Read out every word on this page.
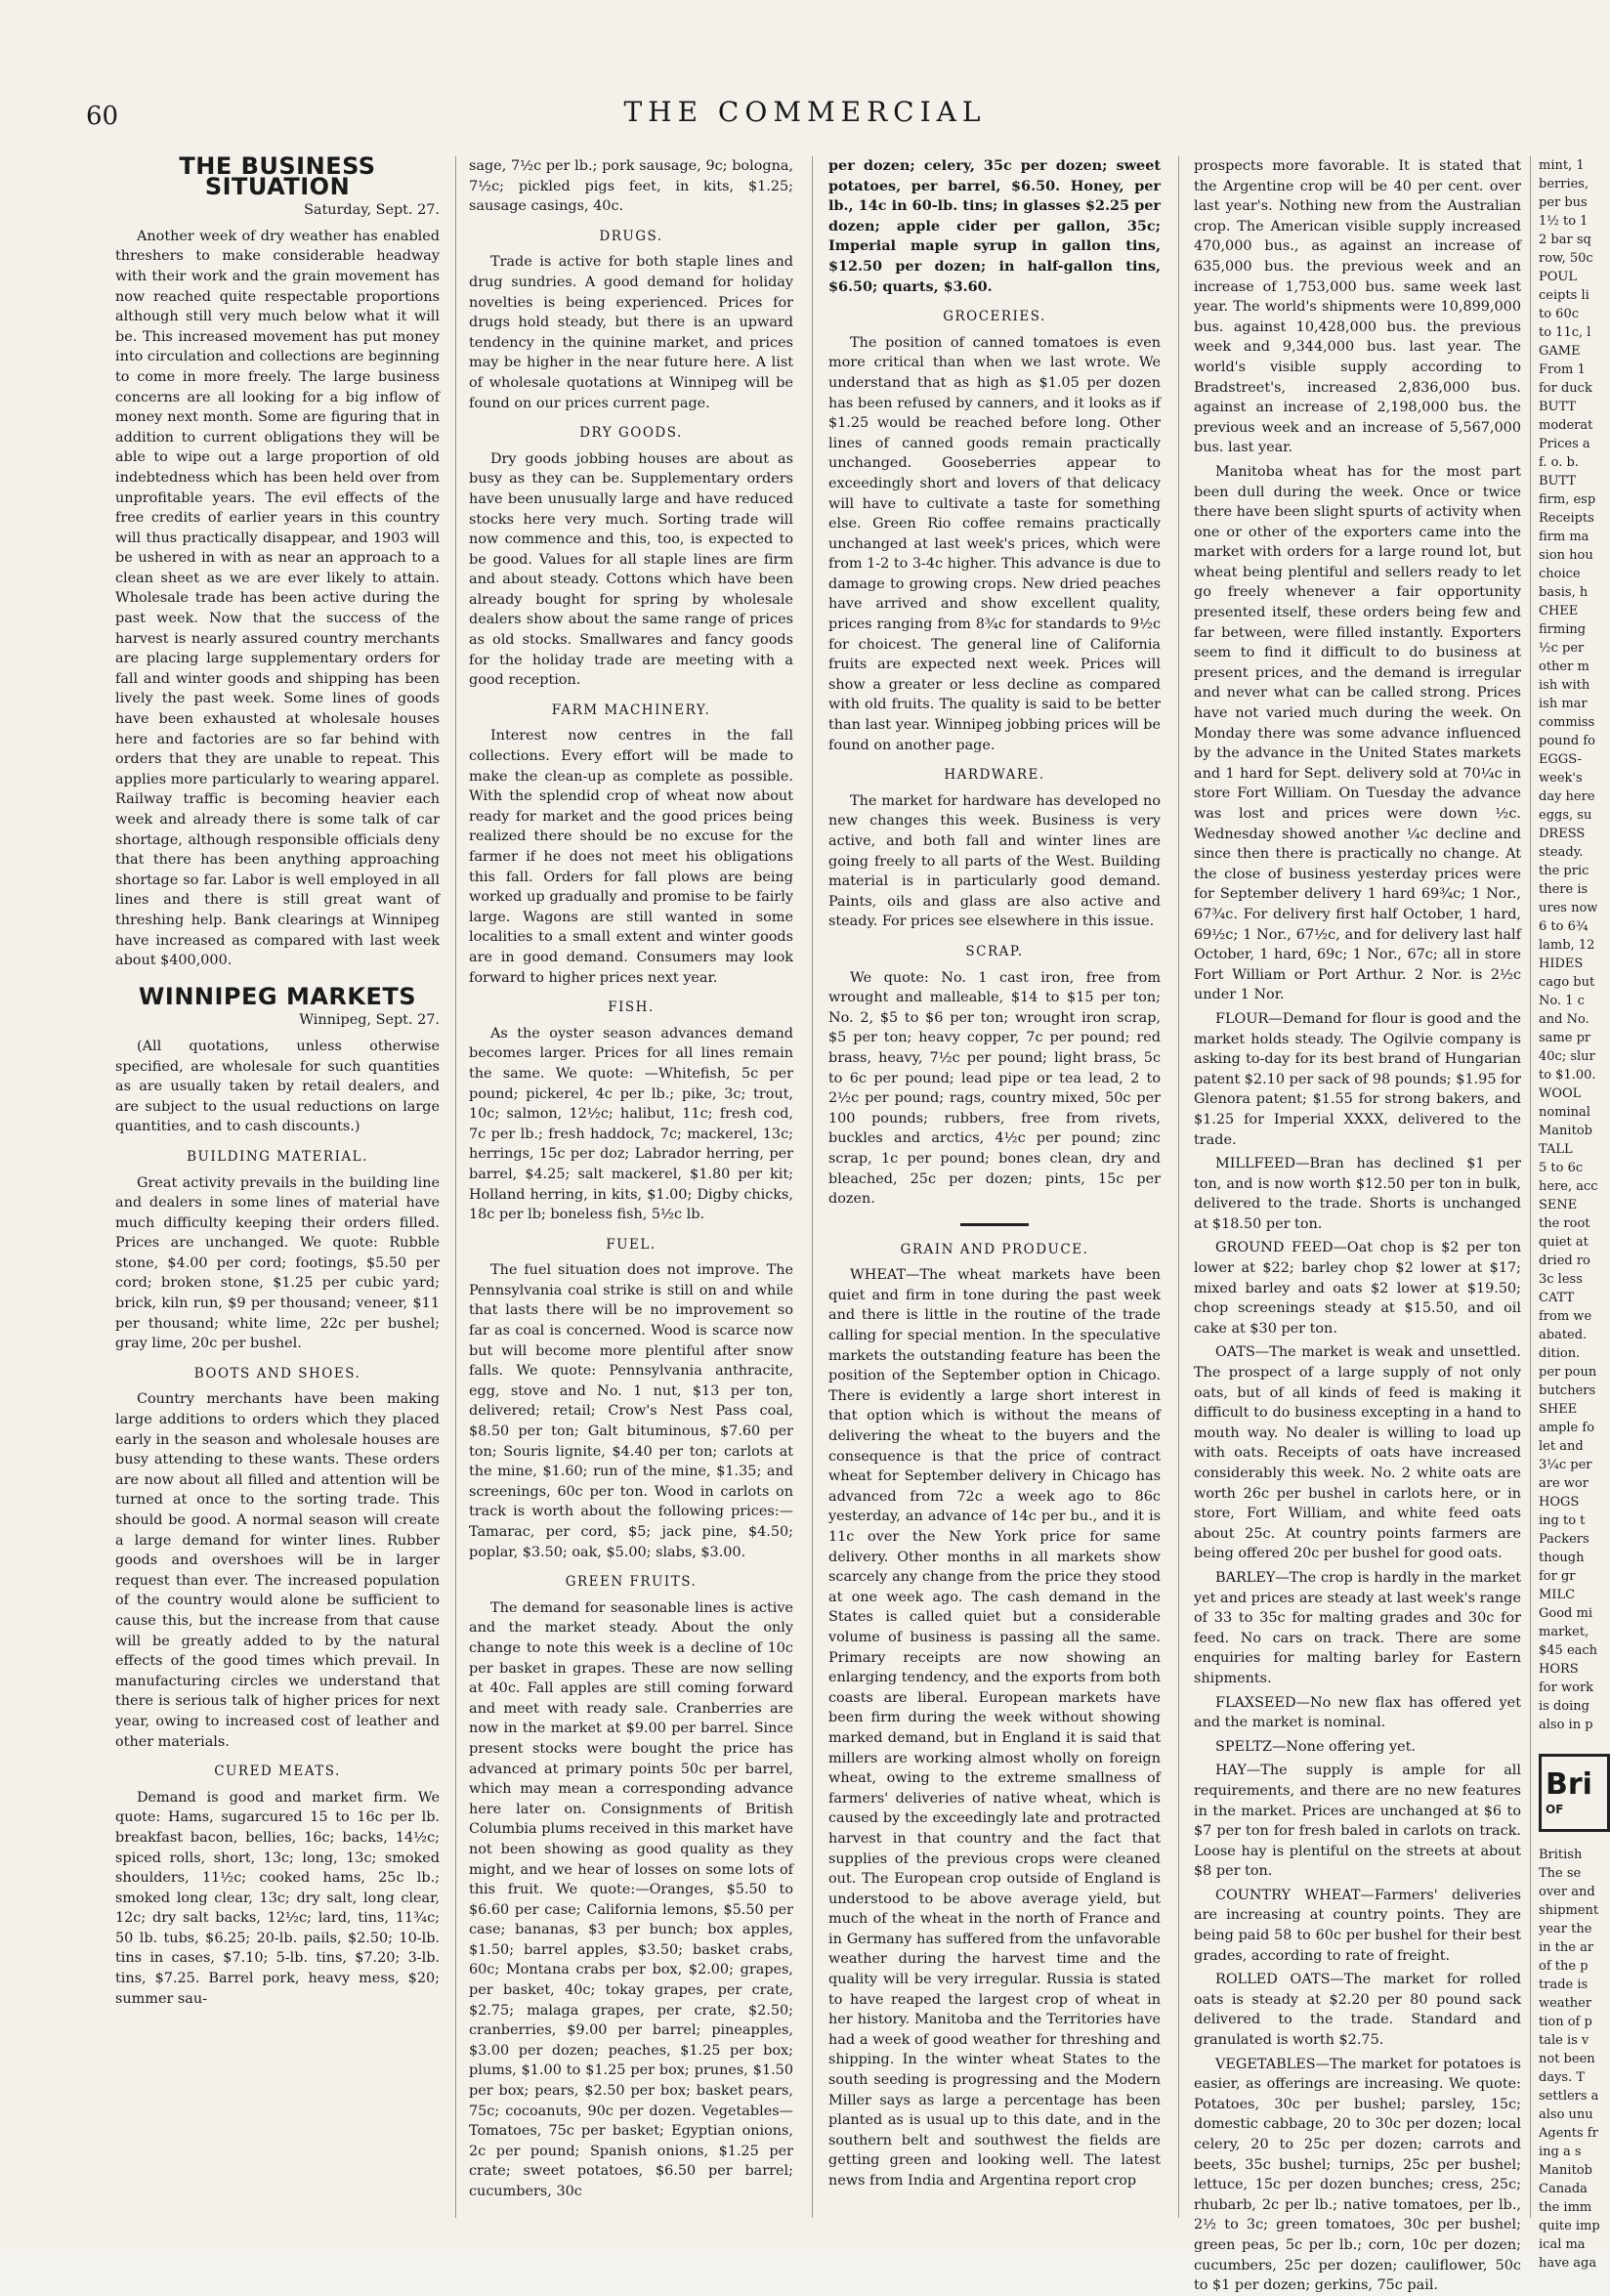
60	THE COMMERCIAL
THE BUSINESS SITUATION
Saturday, Sept. 27.

Another week of dry weather has enabled threshers to make considerable headway with their work and the grain movement has now reached quite respectable proportions although still very much below what it will be. This increased movement has put money into circulation and collections are beginning to come in more freely. The large business concerns are all looking for a big inflow of money next month. Some are figuring that in addition to current obligations they will be able to wipe out a large proportion of old indebtedness which has been held over from unprofitable years. The evil effects of the free credits of earlier years in this country will thus practically disappear, and 1903 will be ushered in with as near an approach to a clean sheet as we are ever likely to attain. Wholesale trade has been active during the past week. Now that the success of the harvest is nearly assured country merchants are placing large supplementary orders for fall and winter goods and shipping has been lively the past week. Some lines of goods have been exhausted at wholesale houses here and factories are so far behind with orders that they are unable to repeat. This applies more particularly to wearing apparel. Railway traffic is becoming heavier each week and already there is some talk of car shortage, although responsible officials deny that there has been anything approaching shortage so far. Labor is well employed in all lines and there is still great want of threshing help. Bank clearings at Winnipeg have increased as compared with last week about $400,000.

WINNIPEG MARKETS
Winnipeg, Sept. 27.

(All quotations, unless otherwise specified, are wholesale for such quantities as are usually taken by retail dealers, and are subject to the usual reductions on large quantities, and to cash discounts.)

BUILDING MATERIAL.

Great activity prevails in the building line and dealers in some lines of material have much difficulty keeping their orders filled. Prices are unchanged. We quote: Rubble stone, $4.00 per cord; footings, $5.50 per cord; broken stone, $1.25 per cubic yard; brick, kiln run, $9 per thousand; veneer, $11 per thousand; white lime, 22c per bushel; gray lime, 20c per bushel.

BOOTS AND SHOES.

Country merchants have been making large additions to orders which they placed early in the season and wholesale houses are busy attending to these wants. These orders are now about all filled and attention will be turned at once to the sorting trade. This should be good. A normal season will create a large demand for winter lines. Rubber goods and overshoes will be in larger request than ever. The increased population of the country would alone be sufficient to cause this, but the increase from that cause will be greatly added to by the natural effects of the good times which prevail. In manufacturing circles we understand that there is serious talk of higher prices for next year, owing to increased cost of leather and other materials.

CURED MEATS.

Demand is good and market firm. We quote: Hams, sugarcured 15 to 16c per lb. breakfast bacon, bellies, 16c; backs, 14½c; spiced rolls, short, 13c; long, 13c; smoked shoulders, 11½c; cooked hams, 25c lb.; smoked long clear, 13c; dry salt, long clear, 12c; dry salt backs, 12½c; lard, tins, 11¾c; 50 lb. tubs, $6.25; 20-lb. pails, $2.50; 10-lb. tins in cases, $7.10; 5-lb. tins, $7.20; 3-lb. tins, $7.25. Barrel pork, heavy mess, $20; summer sau-

sage, 7½c per lb.; pork sausage, 9c; bologna, 7½c; pickled pigs feet, in kits, $1.25; sausage casings, 40c.

DRUGS.

Trade is active for both staple lines and drug sundries. A good demand for holiday novelties is being experienced. Prices for drugs hold steady, but there is an upward tendency in the quinine market, and prices may be higher in the near future here. A list of wholesale quotations at Winnipeg will be found on our prices current page.

DRY GOODS.

Dry goods jobbing houses are about as busy as they can be. Supplementary orders have been unusually large and have reduced stocks here very much. Sorting trade will now commence and this, too, is expected to be good. Values for all staple lines are firm and about steady. Cottons which have been already bought for spring by wholesale dealers show about the same range of prices as old stocks. Smallwares and fancy goods for the holiday trade are meeting with a good reception.

FARM MACHINERY.

Interest now centres in the fall collections. Every effort will be made to make the clean-up as complete as possible. With the splendid crop of wheat now about ready for market and the good prices being realized there should be no excuse for the farmer if he does not meet his obligations this fall. Orders for fall plows are being worked up gradually and promise to be fairly large. Wagons are still wanted in some localities to a small extent and winter goods are in good demand. Consumers may look forward to higher prices next year.

FISH.

As the oyster season advances demand becomes larger. Prices for all lines remain the same. We quote: —Whitefish, 5c per pound; pickerel, 4c per lb.; pike, 3c; trout, 10c; salmon, 12½c; halibut, 11c; fresh cod, 7c per lb.; fresh haddock, 7c; mackerel, 13c; herrings, 15c per doz; Labrador herring, per barrel, $4.25; salt mackerel, $1.80 per kit; Holland herring, in kits, $1.00; Digby chicks, 18c per lb; boneless fish, 5½c lb.

FUEL.

The fuel situation does not improve. The Pennsylvania coal strike is still on and while that lasts there will be no improvement so far as coal is concerned. Wood is scarce now but will become more plentiful after snow falls. We quote: Pennsylvania anthracite, egg, stove and No. 1 nut, $13 per ton, delivered; retail; Crow's Nest Pass coal, $8.50 per ton; Galt bituminous, $7.60 per ton; Souris lignite, $4.40 per ton; carlots at the mine, $1.60; run of the mine, $1.35; and screenings, 60c per ton. Wood in carlots on track is worth about the following prices:—Tamarac, per cord, $5; jack pine, $4.50; poplar, $3.50; oak, $5.00; slabs, $3.00.

GREEN FRUITS.

The demand for seasonable lines is active and the market steady. About the only change to note this week is a decline of 10c per basket in grapes. These are now selling at 40c. Fall apples are still coming forward and meet with ready sale. Cranberries are now in the market at $9.00 per barrel. Since present stocks were bought the price has advanced at primary points 50c per barrel, which may mean a corresponding advance here later on. Consignments of British Columbia plums received in this market have not been showing as good quality as they might, and we hear of losses on some lots of this fruit. We quote:—Oranges, $5.50 to $6.60 per case; California lemons, $5.50 per case; bananas, $3 per bunch; box apples, $1.50; barrel apples, $3.50; basket crabs, 60c; Montana crabs per box, $2.00; grapes, per basket, 40c; tokay grapes, per crate, $2.75; malaga grapes, per crate, $2.50; cranberries, $9.00 per barrel; pineapples, $3.00 per dozen; peaches, $1.25 per box; plums, $1.00 to $1.25 per box; prunes, $1.50 per box; pears, $2.50 per box; basket pears, 75c; cocoanuts, 90c per dozen. Vegetables—Tomatoes, 75c per basket; Egyptian onions, 2c per pound; Spanish onions, $1.25 per crate; sweet potatoes, $6.50 per barrel; cucumbers, 30c

per dozen; celery, 35c per dozen; sweet potatoes, per barrel, $6.50. Honey, per lb., 14c in 60-lb. tins; in glasses $2.25 per dozen; apple cider per gallon, 35c; Imperial maple syrup in gallon tins, $12.50 per dozen; in half-gallon tins, $6.50; quarts, $3.60.

GROCERIES.

The position of canned tomatoes is even more critical than when we last wrote. We understand that as high as $1.05 per dozen has been refused by canners, and it looks as if $1.25 would be reached before long. Other lines of canned goods remain practically unchanged. Gooseberries appear to exceedingly short and lovers of that delicacy will have to cultivate a taste for something else. Green Rio coffee remains practically unchanged at last week's prices, which were from 1-2 to 3-4c higher. This advance is due to damage to growing crops. New dried peaches have arrived and show excellent quality, prices ranging from 8¾c for standards to 9½c for choicest. The general line of California fruits are expected next week. Prices will show a greater or less decline as compared with old fruits. The quality is said to be better than last year. Winnipeg jobbing prices will be found on another page.

HARDWARE.

The market for hardware has developed no new changes this week. Business is very active, and both fall and winter lines are going freely to all parts of the West. Building material is in particularly good demand. Paints, oils and glass are also active and steady. For prices see elsewhere in this issue.

SCRAP.

We quote: No. 1 cast iron, free from wrought and malleable, $14 to $15 per ton; No. 2, $5 to $6 per ton; wrought iron scrap, $5 per ton; heavy copper, 7c per pound; red brass, heavy, 7½c per pound; light brass, 5c to 6c per pound; lead pipe or tea lead, 2 to 2½c per pound; rags, country mixed, 50c per 100 pounds; rubbers, free from rivets, buckles and arctics, 4½c per pound; zinc scrap, 1c per pound; bones clean, dry and bleached, 25c per dozen; pints, 15c per dozen.

GRAIN AND PRODUCE.

WHEAT—The wheat markets have been quiet and firm in tone during the past week and there is little in the routine of the trade calling for special mention. In the speculative markets the outstanding feature has been the position of the September option in Chicago. There is evidently a large short interest in that option which is without the means of delivering the wheat to the buyers and the consequence is that the price of contract wheat for September delivery in Chicago has advanced from 72c a week ago to 86c yesterday, an advance of 14c per bu., and it is 11c over the New York price for same delivery. Other months in all markets show scarcely any change from the price they stood at one week ago. The cash demand in the States is called quiet but a considerable volume of business is passing all the same. Primary receipts are now showing an enlarging tendency, and the exports from both coasts are liberal. European markets have been firm during the week without showing marked demand, but in England it is said that millers are working almost wholly on foreign wheat, owing to the extreme smallness of farmers' deliveries of native wheat, which is caused by the exceedingly late and protracted harvest in that country and the fact that supplies of the previous crops were cleaned out. The European crop outside of England is understood to be above average yield, but much of the wheat in the north of France and in Germany has suffered from the unfavorable weather during the harvest time and the quality will be very irregular. Russia is stated to have reaped the largest crop of wheat in her history. Manitoba and the Territories have had a week of good weather for threshing and shipping. In the winter wheat States to the south seeding is progressing and the Modern Miller says as large a percentage has been planted as is usual up to this date, and in the southern belt and southwest the fields are getting green and looking well. The latest news from India and Argentina report crop

prospects more favorable. It is stated that the Argentine crop will be 40 per cent. over last year's. Nothing new from the Australian crop. The American visible supply increased 470,000 bus., as against an increase of 635,000 bus. the previous week and an increase of 1,753,000 bus. same week last year. The world's shipments were 10,899,000 bus. against 10,428,000 bus. the previous week and 9,344,000 bus. last year. The world's visible supply according to Bradstreet's, increased 2,836,000 bus. against an increase of 2,198,000 bus. the previous week and an increase of 5,567,000 bus. last year.

Manitoba wheat has for the most part been dull during the week. Once or twice there have been slight spurts of activity when one or other of the exporters came into the market with orders for a large round lot, but wheat being plentiful and sellers ready to let go freely whenever a fair opportunity presented itself, these orders being few and far between, were filled instantly. Exporters seem to find it difficult to do business at present prices, and the demand is irregular and never what can be called strong. Prices have not varied much during the week. On Monday there was some advance influenced by the advance in the United States markets and 1 hard for Sept. delivery sold at 70¼c in store Fort William. On Tuesday the advance was lost and prices were down ½c. Wednesday showed another ¼c decline and since then there is practically no change. At the close of business yesterday prices were for September delivery 1 hard 69¾c; 1 Nor., 67¾c. For delivery first half October, 1 hard, 69½c; 1 Nor., 67½c, and for delivery last half October, 1 hard, 69c; 1 Nor., 67c; all in store Fort William or Port Arthur. 2 Nor. is 2½c under 1 Nor.

FLOUR—Demand for flour is good and the market holds steady. The Ogilvie company is asking to-day for its best brand of Hungarian patent $2.10 per sack of 98 pounds; $1.95 for Glenora patent; $1.55 for strong bakers, and $1.25 for Imperial XXXX, delivered to the trade.

MILLFEED—Bran has declined $1 per ton, and is now worth $12.50 per ton in bulk, delivered to the trade. Shorts is unchanged at $18.50 per ton.

GROUND FEED—Oat chop is $2 per ton lower at $22; barley chop $2 lower at $17; mixed barley and oats $2 lower at $19.50; chop screenings steady at $15.50, and oil cake at $30 per ton.

OATS—The market is weak and unsettled. The prospect of a large supply of not only oats, but of all kinds of feed is making it difficult to do business excepting in a hand to mouth way. No dealer is willing to load up with oats. Receipts of oats have increased considerably this week. No. 2 white oats are worth 26c per bushel in carlots here, or in store, Fort William, and white feed oats about 25c. At country points farmers are being offered 20c per bushel for good oats.

BARLEY—The crop is hardly in the market yet and prices are steady at last week's range of 33 to 35c for malting grades and 30c for feed. No cars on track. There are some enquiries for malting barley for Eastern shipments.

FLAXSEED—No new flax has offered yet and the market is nominal.

SPELTZ—None offering yet.

HAY—The supply is ample for all requirements, and there are no new features in the market. Prices are unchanged at $6 to $7 per ton for fresh baled in carlots on track. Loose hay is plentiful on the streets at about $8 per ton.

COUNTRY WHEAT—Farmers' deliveries are increasing at country points. They are being paid 58 to 60c per bushel for their best grades, according to rate of freight.

ROLLED OATS—The market for rolled oats is steady at $2.20 per 80 pound sack delivered to the trade. Standard and granulated is worth $2.75.

VEGETABLES—The market for potatoes is easier, as offerings are increasing. We quote: Potatoes, 30c per bushel; parsley, 15c; domestic cabbage, 20 to 30c per dozen; local celery, 20 to 25c per dozen; carrots and beets, 35c bushel; turnips, 25c per bushel; lettuce, 15c per dozen bunches; cress, 25c; rhubarb, 2c per lb.; native tomatoes, per lb., 2½ to 3c; green tomatoes, 30c per bushel; green peas, 5c per lb.; corn, 10c per dozen; cucumbers, 25c per dozen; cauliflower, 50c to $1 per dozen; gerkins, 75c pail.

mint, 1
berries,
per bus
1½ to 1
2 bar sq
row, 50c
POUL
ceipts li
to 60c
to 11c, l
GAME
From 1
for duck
BUTT
moderat
Prices a
f. o. b.
BUTT
firm, esp
Receipts
firm ma
sion hou
choice
basis, h
CHEE
firming
½c per
other m
ish with
ish mar
commiss
pound fo
EGGS-
week's
day here
eggs, su
DRESS
steady.
the pric
there is
ures now
6 to 6¾
lamb, 12
HIDES
cago but
No. 1 c
and No.
same pr
40c; slur
to $1.00.
WOOL
nominal
Manitob
TALL
5 to 6c
here, acc
SENE
the root
quiet at
dried ro
3c less
CATT
from we
abated.
dition.
per poun
butchers
SHEE
ample fo
let and
3¼c per
are wor
HOGS
ing to t
Packers
though
for gr
MILC
Good mi
market,
$45 each
HORS
for work
is doing
also in p
Bri
OF
British
The se
over and
shipment
year the
in the ar
of the p
trade is
weather
tion of p
tale is v
not been
days. T
settlers a
also unu
Agents fr
ing a s
Manitob
Canada
the imm
quite imp
ical ma
have aga
